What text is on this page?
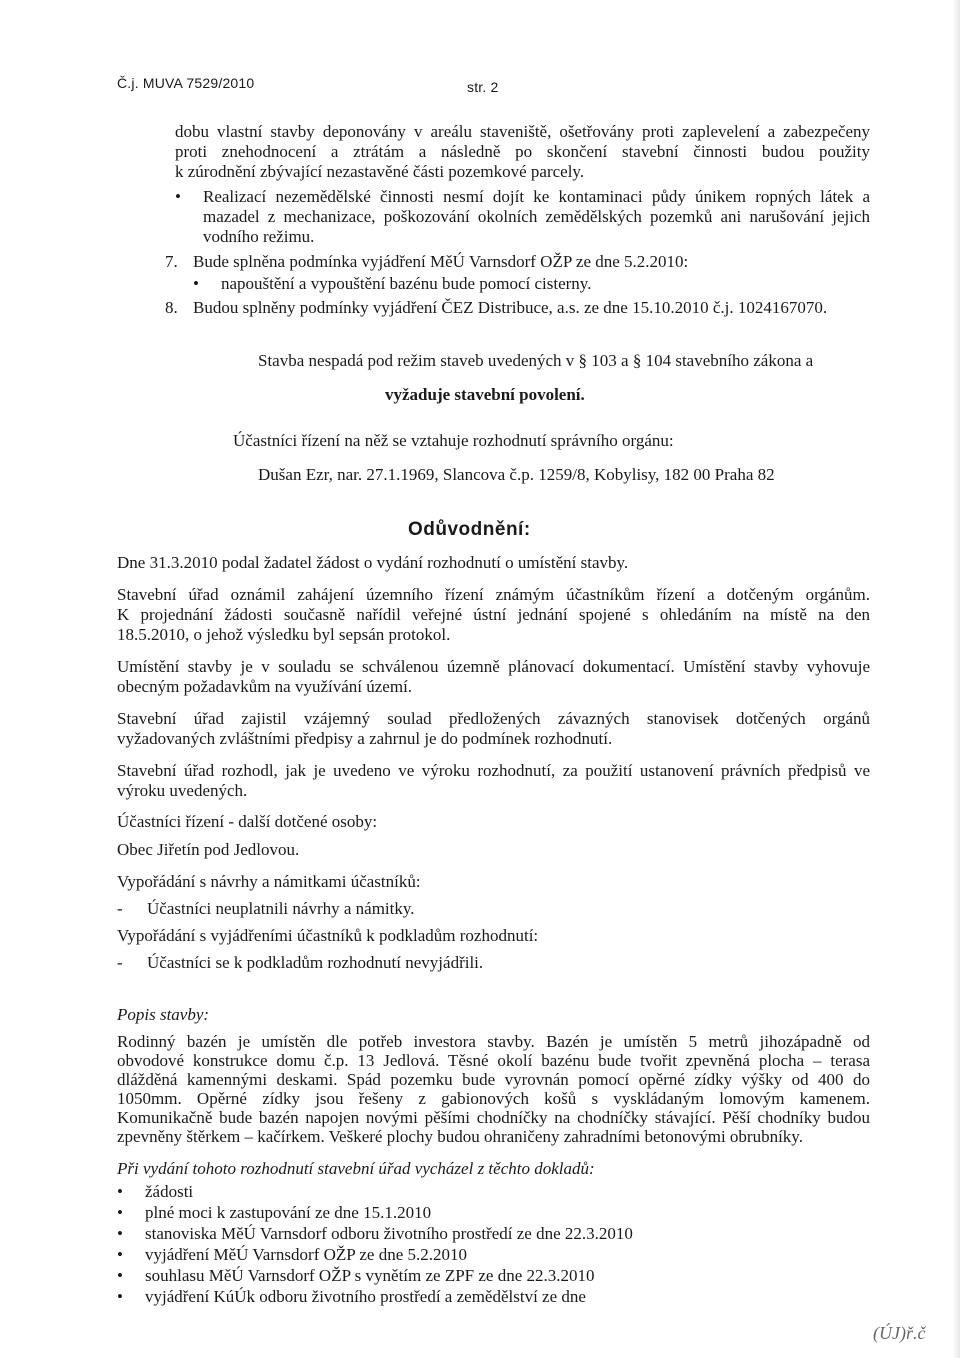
Č.j. MUVA 7529/2010	str. 2
dobu vlastní stavby deponovány v areálu staveniště, ošetřovány proti zaplevelení a zabezpečeny
proti znehodnocení a ztrátám a následně po skončení stavební činnosti budou použity
k zúrodnění zbývající nezastavěné části pozemkové parcely.
• Realizací nezemědělské činnosti nesmí dojít ke kontaminaci půdy únikem ropných látek a
mazadel z mechanizace, poškozování okolních zemědělských pozemků ani narušování jejich
vodního režimu.
7. Bude splněna podmínka vyjádření MěÚ Varnsdorf OŽP ze dne 5.2.2010:
• napouštění a vypouštění bazénu bude pomocí cisterny.
8. Budou splněny podmínky vyjádření ČEZ Distribuce, a.s. ze dne 15.10.2010 č.j. 1024167070.
Stavba nespadá pod režim staveb uvedených v § 103 a § 104 stavebního zákona a
vyžaduje stavební povolení.
Účastníci řízení na něž se vztahuje rozhodnutí správního orgánu:
Dušan Ezr, nar. 27.1.1969, Slancova č.p. 1259/8, Kobylisy, 182 00 Praha 82
Odůvodnění:
Dne 31.3.2010 podal žadatel žádost o vydání rozhodnutí o umístění stavby.
Stavební úřad oznámil zahájení územního řízení známým účastníkům řízení a dotčeným orgánům.
K projednání žádosti současně nařídil veřejné ústní jednání spojené s ohledáním na místě na den
18.5.2010, o jehož výsledku byl sepsán protokol.
Umístění stavby je v souladu se schválenou územně plánovací dokumentací. Umístění stavby vyhovuje
obecným požadavkům na využívání území.
Stavební úřad zajistil vzájemný soulad předložených závazných stanovisek dotčených orgánů
vyžadovaných zvláštními předpisy a zahrnul je do podmínek rozhodnutí.
Stavební úřad rozhodl, jak je uvedeno ve výroku rozhodnutí, za použití ustanovení právních předpisů ve
výroku uvedených.
Účastníci řízení - další dotčené osoby:
Obec Jiřetín pod Jedlovou.
Vypořádání s návrhy a námitkami účastníků:
- Účastníci neuplatnili návrhy a námitky.
Vypořádání s vyjádřeními účastníků k podkladům rozhodnutí:
- Účastníci se k podkladům rozhodnutí nevyjádřili.
Popis stavby:
Rodinný bazén je umístěn dle potřeb investora stavby. Bazén je umístěn 5 metrů jihozápadně od
obvodové konstrukce domu č.p. 13 Jedlová. Těsné okolí bazénu bude tvořit zpevněná plocha – terasa
dlážděná kamennými deskami. Spád pozemku bude vyrovnán pomocí opěrné zídky výšky od 400 do
1050mm. Opěrné zídky jsou řešeny z gabionových košů s vyskládaným lomovým kamenem.
Komunikačně bude bazén napojen novými pěšími chodníčky na chodníčky stávající. Pěší chodníky budou
zpevněny štěrkem – kačírkem. Veškeré plochy budou ohraničeny zahradními betonovými obrubníky.
Při vydání tohoto rozhodnutí stavební úřad vycházel z těchto dokladů:
• žádosti
• plné moci k zastupování ze dne 15.1.2010
• stanoviska MěÚ Varnsdorf odboru životního prostředí ze dne 22.3.2010
• vyjádření MěÚ Varnsdorf OŽP ze dne 5.2.2010
• souhlasu MěÚ Varnsdorf OŽP s vynětím ze ZPF ze dne 22.3.2010
• vyjádření KúÚk odboru životního prostředí a zemědělství ze dne
(ÚJ)ř.č
